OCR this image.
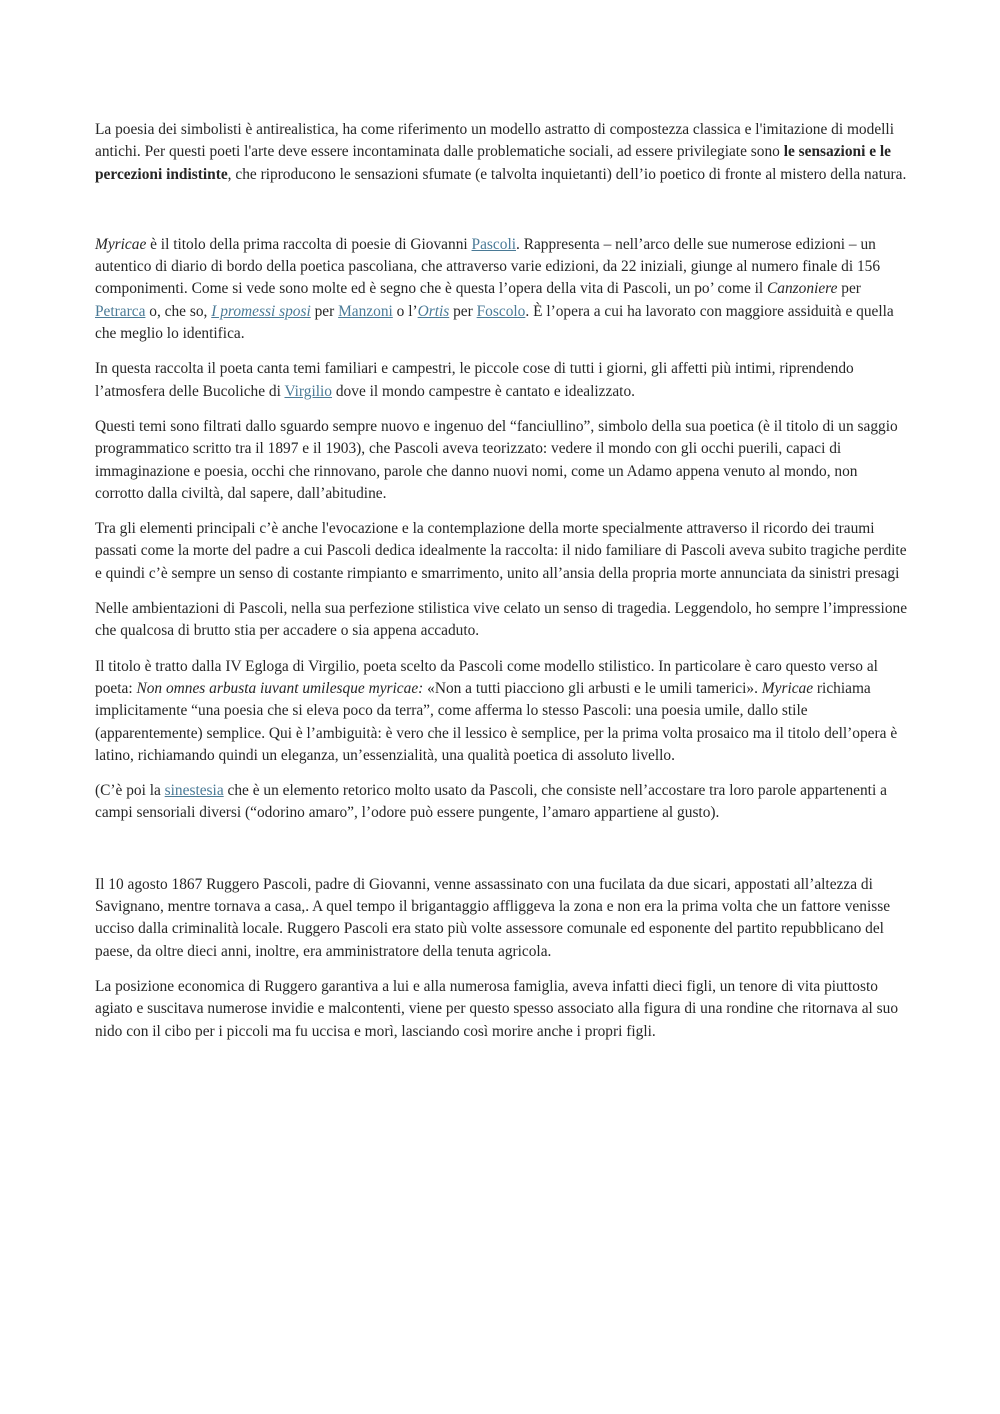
La poesia dei simbolisti è antirealistica, ha come riferimento un modello astratto di compostezza classica e l'imitazione di modelli antichi. Per questi poeti l'arte deve essere incontaminata dalle problematiche sociali, ad essere privilegiate sono le sensazioni e le percezioni indistinte, che riproducono le sensazioni sfumate (e talvolta inquietanti) dell’io poetico di fronte al mistero della natura.

Myricae è il titolo della prima raccolta di poesie di Giovanni Pascoli. Rappresenta – nell’arco delle sue numerose edizioni – un autentico di diario di bordo della poetica pascoliana, che attraverso varie edizioni, da 22 iniziali, giunge al numero finale di 156 componimenti. Come si vede sono molte ed è segno che è questa l’opera della vita di Pascoli, un po’ come il Canzoniere per Petrarca o, che so, I promessi sposi per Manzoni o l’Ortis per Foscolo. È l’opera a cui ha lavorato con maggiore assiduità e quella che meglio lo identifica.

In questa raccolta il poeta canta temi familiari e campestri, le piccole cose di tutti i giorni, gli affetti più intimi, riprendendo l’atmosfera delle Bucoliche di Virgilio dove il mondo campestre è cantato e idealizzato.

Questi temi sono filtrati dallo sguardo sempre nuovo e ingenuo del “fanciullino”, simbolo della sua poetica (è il titolo di un saggio programmatico scritto tra il 1897 e il 1903), che Pascoli aveva teorizzato: vedere il mondo con gli occhi puerili, capaci di immaginazione e poesia, occhi che rinnovano, parole che danno nuovi nomi, come un Adamo appena venuto al mondo, non corrotto dalla civiltà, dal sapere, dall’abitudine.

Tra gli elementi principali c’è anche l'evocazione e la contemplazione della morte specialmente attraverso il ricordo dei traumi passati come la morte del padre a cui Pascoli dedica idealmente la raccolta: il nido familiare di Pascoli aveva subito tragiche perdite e quindi c’è sempre un senso di costante rimpianto e smarrimento, unito all’ansia della propria morte annunciata da sinistri presagi

Nelle ambientazioni di Pascoli, nella sua perfezione stilistica vive celato un senso di tragedia. Leggendolo, ho sempre l’impressione che qualcosa di brutto stia per accadere o sia appena accaduto.

Il titolo è tratto dalla IV Egloga di Virgilio, poeta scelto da Pascoli come modello stilistico. In particolare è caro questo verso al poeta: Non omnes arbusta iuvant umilesque myricae: «Non a tutti piacciono gli arbusti e le umili tamerici». Myricae richiama implicitamente “una poesia che si eleva poco da terra”, come afferma lo stesso Pascoli: una poesia umile, dallo stile (apparentemente) semplice. Qui è l’ambiguità: è vero che il lessico è semplice, per la prima volta prosaico ma il titolo dell’opera è latino, richiamando quindi un eleganza, un’essenzialità, una qualità poetica di assoluto livello.

(C’è poi la sinestesia che è un elemento retorico molto usato da Pascoli, che consiste nell’accostare tra loro parole appartenenti a campi sensoriali diversi (“odorino amaro”, l’odore può essere pungente, l’amaro appartiene al gusto).

Il 10 agosto 1867 Ruggero Pascoli, padre di Giovanni, venne assassinato con una fucilata da due sicari, appostati all’altezza di Savignano, mentre tornava a casa,. A quel tempo il brigantaggio affliggeva la zona e non era la prima volta che un fattore venisse ucciso dalla criminalità locale. Ruggero Pascoli era stato più volte assessore comunale ed esponente del partito repubblicano del paese, da oltre dieci anni, inoltre, era amministratore della tenuta agricola.

La posizione economica di Ruggero garantiva a lui e alla numerosa famiglia, aveva infatti dieci figli, un tenore di vita piuttosto agiato e suscitava numerose invidie e malcontenti, viene per questo spesso associato alla figura di una rondine che ritornava al suo nido con il cibo per i piccoli ma fu uccisa e morì, lasciando così morire anche i propri figli.
